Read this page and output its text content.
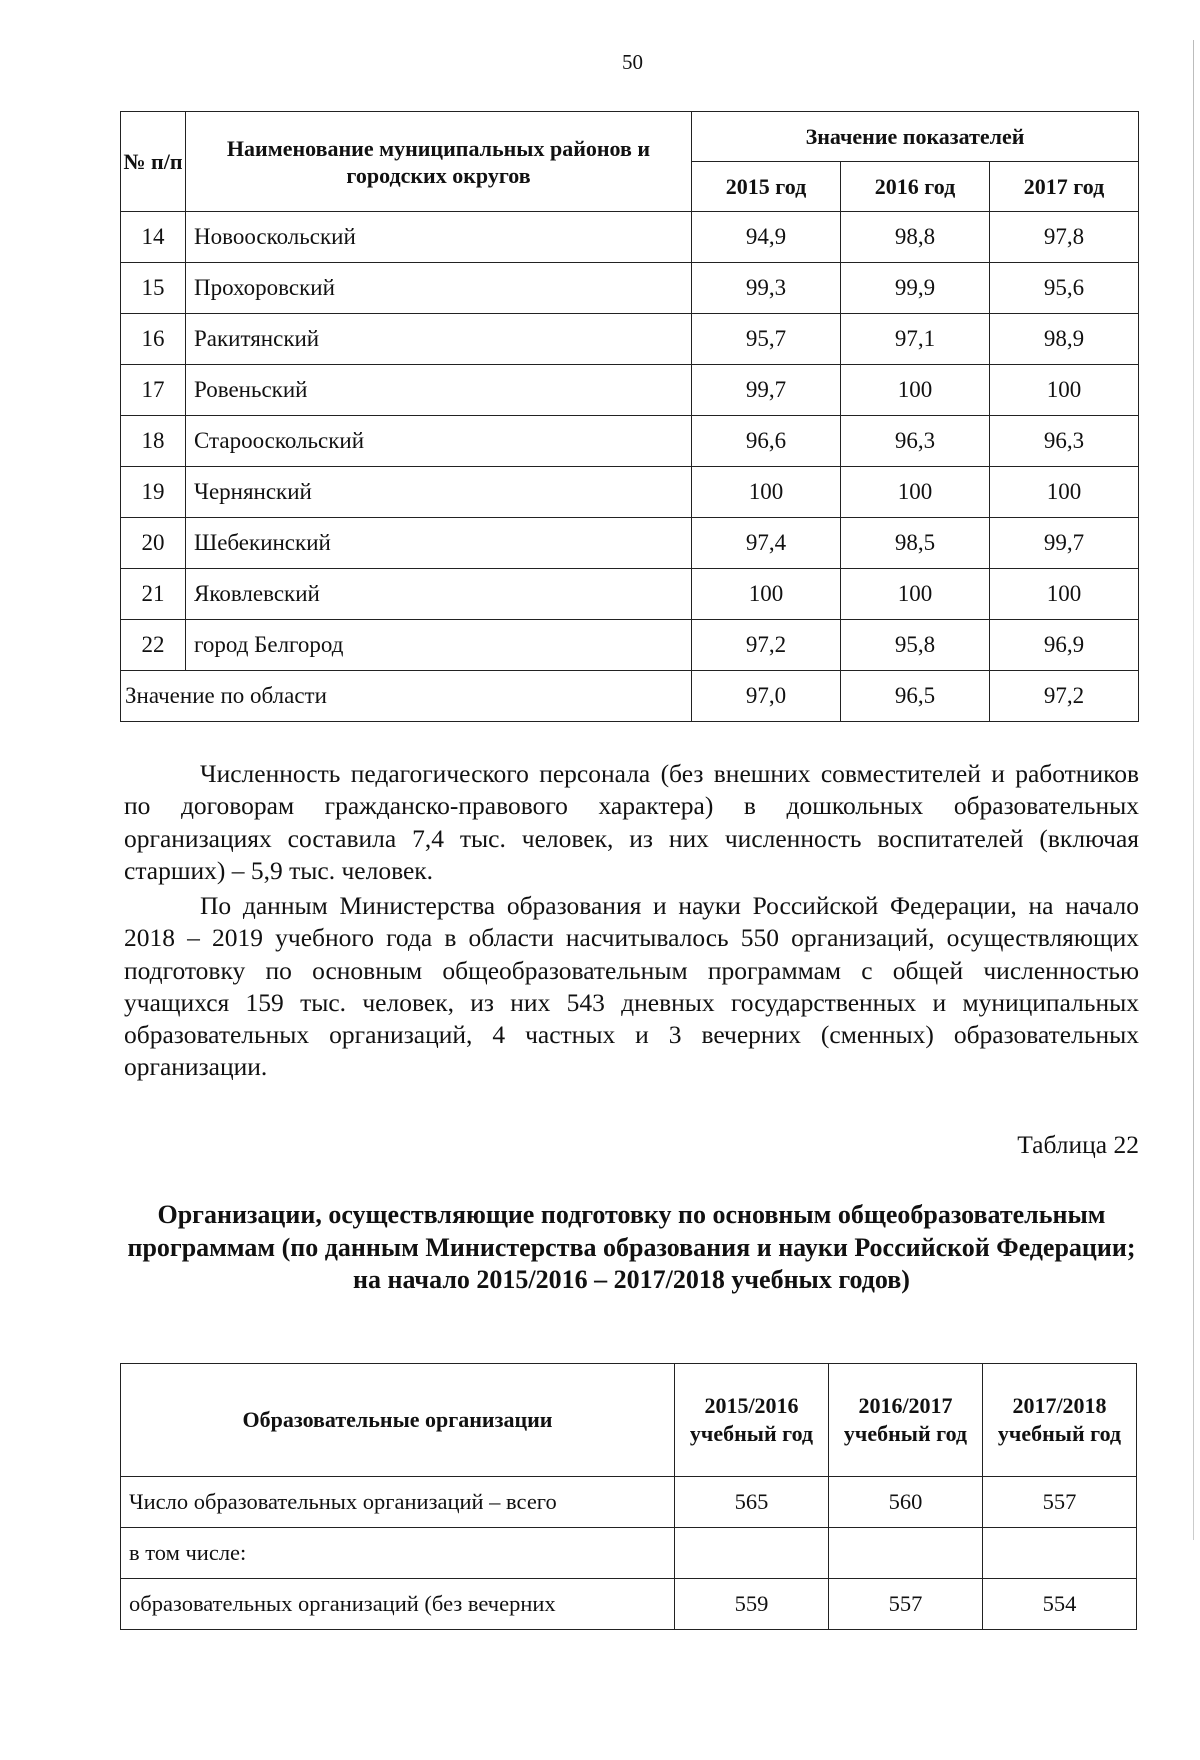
50
№ п/п	Наименование муниципальных районов и городских округов	Значение показателей		
		2015 год	2016 год	2017 год
14	Новооскольский	94,9	98,8	97,8
15	Прохоровский	99,3	99,9	95,6
16	Ракитянский	95,7	97,1	98,9
17	Ровеньский	99,7	100	100
18	Старооскольский	96,6	96,3	96,3
19	Чернянский	100	100	100
20	Шебекинский	97,4	98,5	99,7
21	Яковлевский	100	100	100
22	город Белгород	97,2	95,8	96,9
Значение по области		97,0	96,5	97,2

Численность педагогического персонала (без внешних совместителей и работников по договорам гражданско-правового характера) в дошкольных образовательных организациях составила 7,4 тыс. человек, из них численность воспитателей (включая старших) – 5,9 тыс. человек.

По данным Министерства образования и науки Российской Федерации, на начало 2018 – 2019 учебного года в области насчитывалось 550 организаций, осуществляющих подготовку по основным общеобразовательным программам с общей численностью учащихся 159 тыс. человек, из них 543 дневных государственных и муниципальных образовательных организаций, 4 частных и 3 вечерних (сменных) образовательных организации.

Таблица 22
Организации, осуществляющие подготовку по основным общеобразовательным программам (по данным Министерства образования и науки Российской Федерации; на начало 2015/2016 – 2017/2018 учебных годов)
Образовательные организации	2015/2016 учебный год	2016/2017 учебный год	2017/2018 учебный год
Число образовательных организаций – всего	565	560	557
в том числе:			
образовательных организаций (без вечерних	559	557	554
